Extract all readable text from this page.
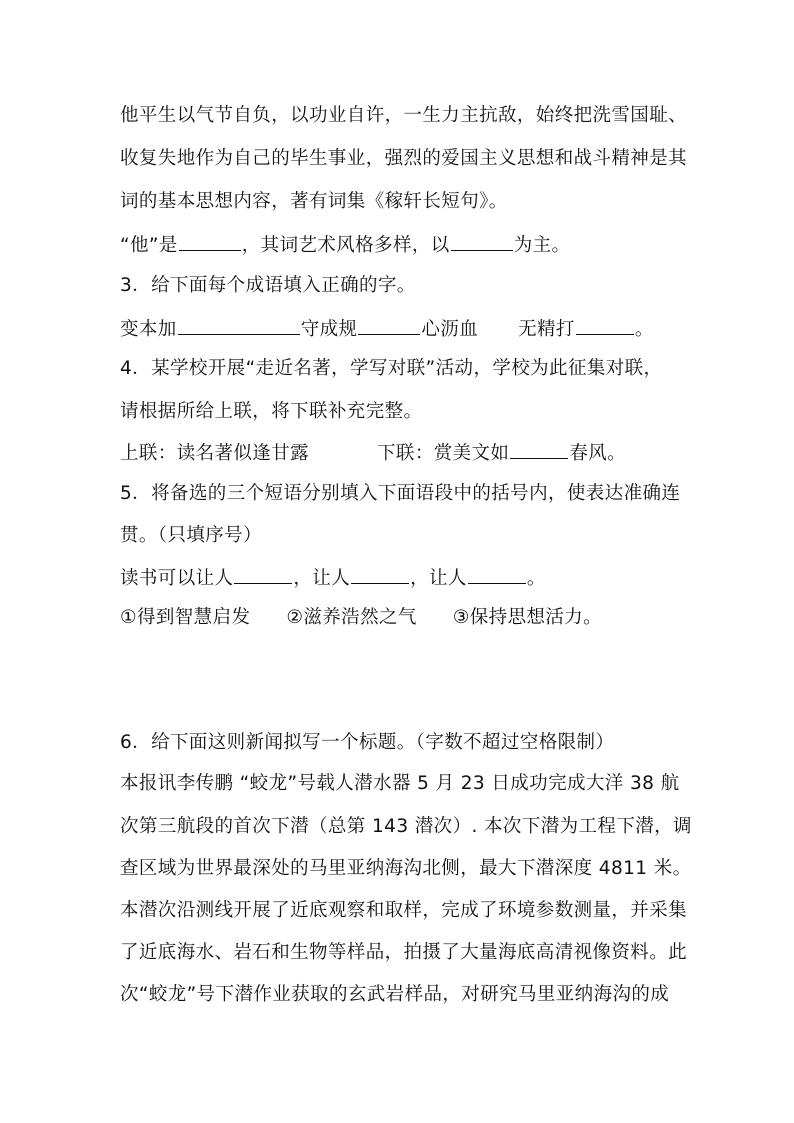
他平生以气节自负，以功业自许，一生力主抗敌，始终把洗雪国耻、
收复失地作为自己的毕生事业，强烈的爱国主义思想和战斗精神是其
词的基本思想内容，著有词集《稼轩长短句》。
“他”是	，其词艺术风格多样，以	为主。
3．给下面每个成语填入正确的字。
变本加	守成规	心沥血 无精打	。
4．某学校开展“走近名著，学写对联”活动，学校为此征集对联，
请根据所给上联，将下联补充完整。
上联：读名著似逢甘露	下联：赏美文如	春风。
5．将备选的三个短语分别填入下面语段中的括号内，使表达准确连
贯。（只填序号）
读书可以让人	，让人	，让人	。
①得到智慧启发 ②滋养浩然之气 ③保持思想活力。
6．给下面这则新闻拟写一个标题。（字数不超过空格限制）
本报讯李传鹏 “蛟龙”号载人潜水器 5 月 23 日成功完成大洋 38 航
次第三航段的首次下潜（总第 143 潜次）. 本次下潜为工程下潜，调
查区域为世界最深处的马里亚纳海沟北侧，最大下潜深度 4811 米。
本潜次沿测线开展了近底观察和取样，完成了环境参数测量，并采集
了近底海水、岩石和生物等样品，拍摄了大量海底高清视像资料。此
次“蛟龙”号下潜作业获取的玄武岩样品，对研究马里亚纳海沟的成
